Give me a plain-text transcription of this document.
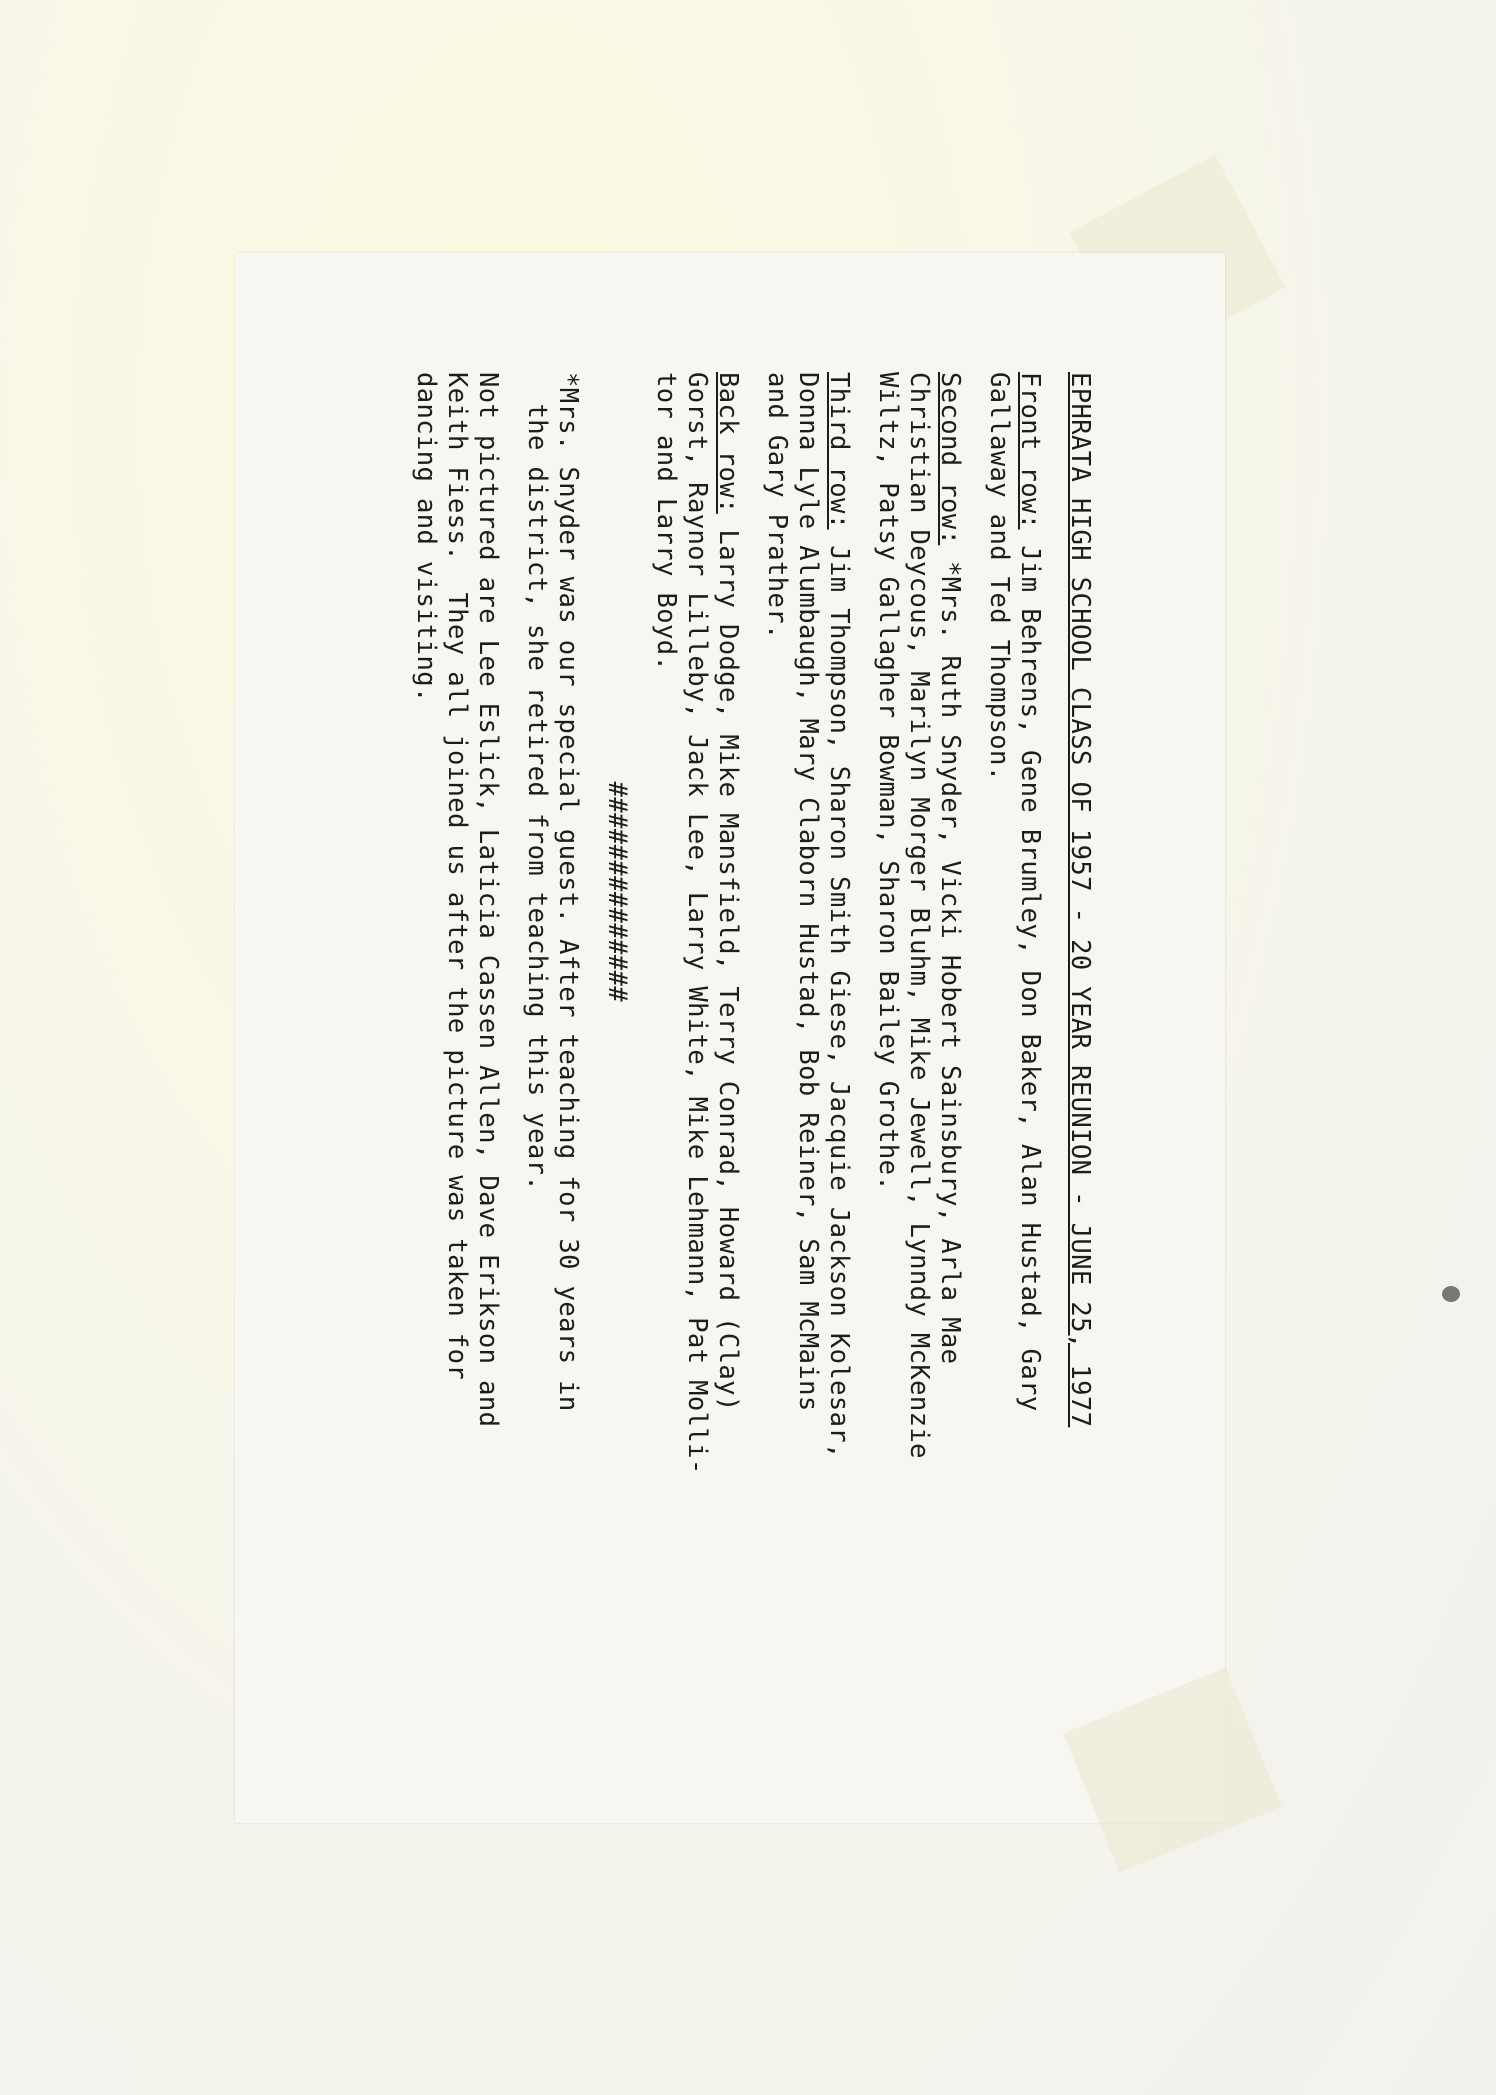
EPHRATA HIGH SCHOOL CLASS OF 1957 - 20 YEAR REUNION - JUNE 25, 1977
Front row: Jim Behrens, Gene Brumley, Don Baker, Alan Hustad, Gary
Gallaway and Ted Thompson.
Second row: *Mrs. Ruth Snyder, Vicki Hobert Sainsbury, Arla Mae
Christian Deycous, Marilyn Morger Bluhm, Mike Jewell, Lynndy McKenzie
Wiltz, Patsy Gallagher Bowman, Sharon Bailey Grothe.
Third row: Jim Thompson, Sharon Smith Giese, Jacquie Jackson Kolesar,
Donna Lyle Alumbaugh, Mary Claborn Hustad, Bob Reiner, Sam McMains
and Gary Prather.
Back row: Larry Dodge, Mike Mansfield, Terry Conrad, Howard (Clay)
Gorst, Raynor Lilleby, Jack Lee, Larry White, Mike Lehmann, Pat Molli-
tor and Larry Boyd.
##############
*Mrs. Snyder was our special guest. After teaching for 30 years in
the district, she retired from teaching this year.
Not pictured are Lee Eslick, Laticia Cassen Allen, Dave Erikson and
Keith Fiess.  They all joined us after the picture was taken for
dancing and visiting.
